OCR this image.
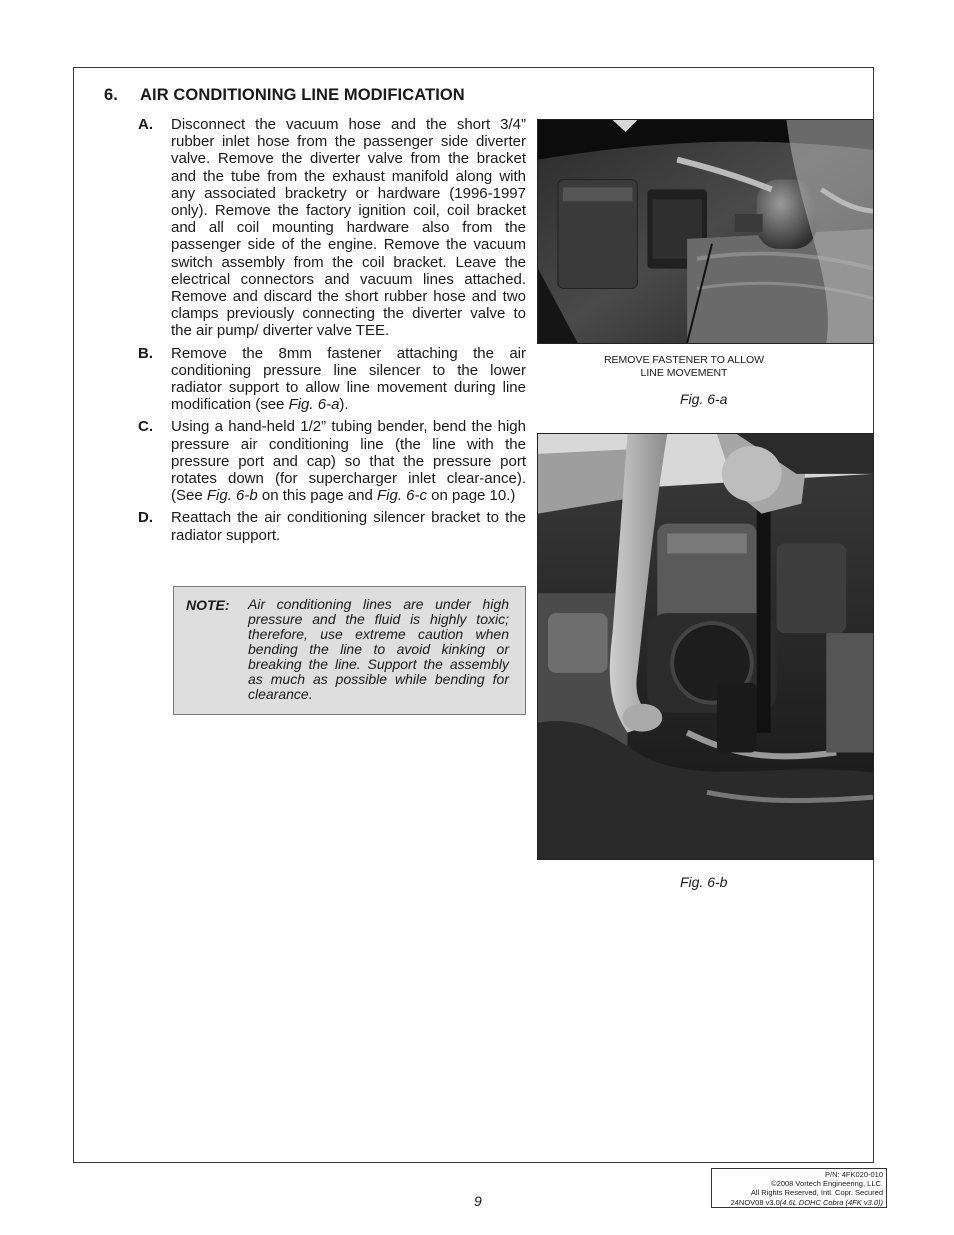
6. AIR CONDITIONING LINE MODIFICATION
A. Disconnect the vacuum hose and the short 3/4” rubber inlet hose from the passenger side diverter valve. Remove the diverter valve from the bracket and the tube from the exhaust manifold along with any associated bracketry or hardware (1996-1997 only). Remove the factory ignition coil, coil bracket and all coil mounting hardware also from the passenger side of the engine. Remove the vacuum switch assembly from the coil bracket. Leave the electrical connectors and vacuum lines attached. Remove and discard the short rubber hose and two clamps previously connecting the diverter valve to the air pump/ diverter valve TEE.
B. Remove the 8mm fastener attaching the air conditioning pressure line silencer to the lower radiator support to allow line movement during line modification (see Fig. 6-a).
C. Using a hand-held 1/2” tubing bender, bend the high pressure air conditioning line (the line with the pressure port and cap) so that the pressure port rotates down (for supercharger inlet clear-ance). (See Fig. 6-b on this page and Fig. 6-c on page 10.)
D. Reattach the air conditioning silencer bracket to the radiator support.
NOTE: Air conditioning lines are under high pressure and the fluid is highly toxic; therefore, use extreme caution when bending the line to avoid kinking or breaking the line. Support the assembly as much as possible while bending for clearance.
REMOVE FASTENER TO ALLOW
LINE MOVEMENT
Fig. 6-a
Fig. 6-b
9
P/N: 4FK020-010
©2008 Vortech Engineering, LLC.
All Rights Reserved, Intl. Copr. Secured
24NOV08 v3.0(4.6L DOHC Cobra (4FK v3.0))
